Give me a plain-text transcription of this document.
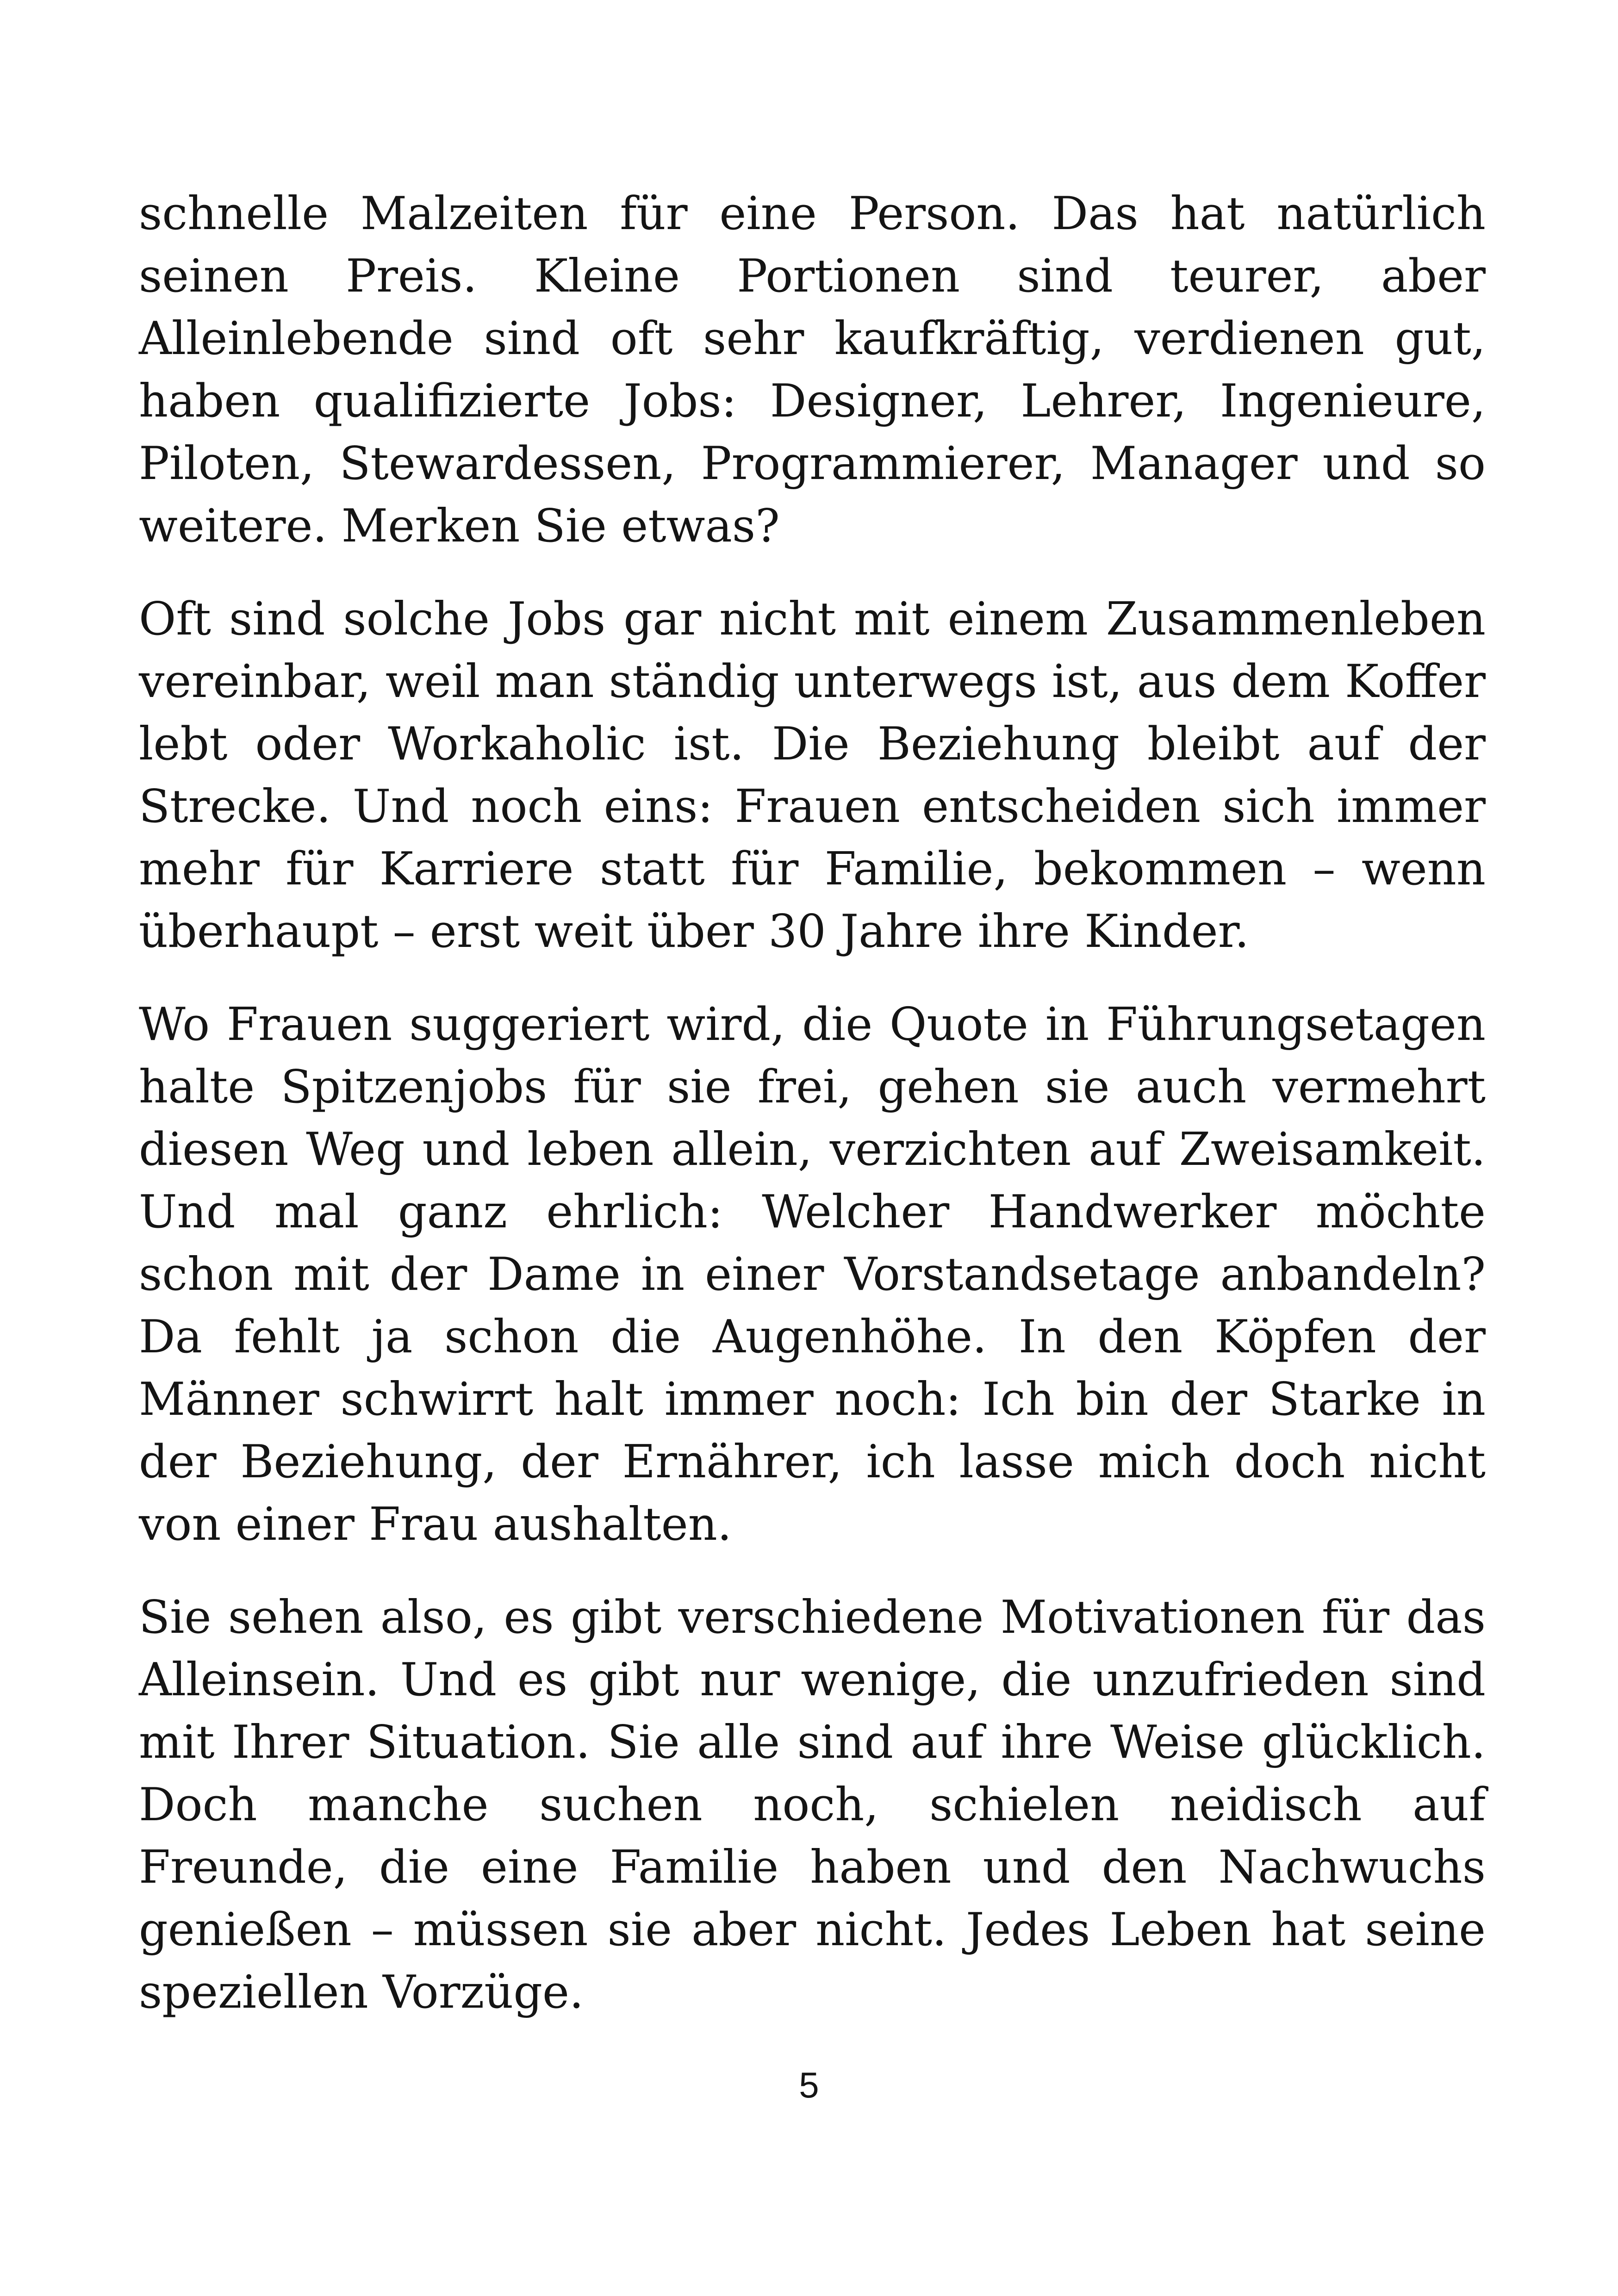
schnelle Malzeiten für eine Person. Das hat natürlich seinen Preis. Kleine Portionen sind teurer, aber Alleinlebende sind oft sehr kaufkräftig, verdienen gut, haben qualifizierte Jobs: Designer, Lehrer, Ingenieure, Piloten, Stewardessen, Programmierer, Manager und so weitere. Merken Sie etwas?

Oft sind solche Jobs gar nicht mit einem Zusammenleben vereinbar, weil man ständig unterwegs ist, aus dem Koffer lebt oder Workaholic ist. Die Beziehung bleibt auf der Strecke. Und noch eins: Frauen entscheiden sich immer mehr für Karriere statt für Familie, bekommen – wenn überhaupt – erst weit über 30 Jahre ihre Kinder.

Wo Frauen suggeriert wird, die Quote in Führungsetagen halte Spitzenjobs für sie frei, gehen sie auch vermehrt diesen Weg und leben allein, verzichten auf Zweisamkeit. Und mal ganz ehrlich: Welcher Handwerker möchte schon mit der Dame in einer Vorstandsetage anbandeln? Da fehlt ja schon die Augenhöhe. In den Köpfen der Männer schwirrt halt immer noch: Ich bin der Starke in der Beziehung, der Ernährer, ich lasse mich doch nicht von einer Frau aushalten.

Sie sehen also, es gibt verschiedene Motivationen für das Alleinsein. Und es gibt nur wenige, die unzufrieden sind mit Ihrer Situation. Sie alle sind auf ihre Weise glücklich. Doch manche suchen noch, schielen neidisch auf Freunde, die eine Familie haben und den Nachwuchs genießen – müssen sie aber nicht. Jedes Leben hat seine speziellen Vorzüge.

5
